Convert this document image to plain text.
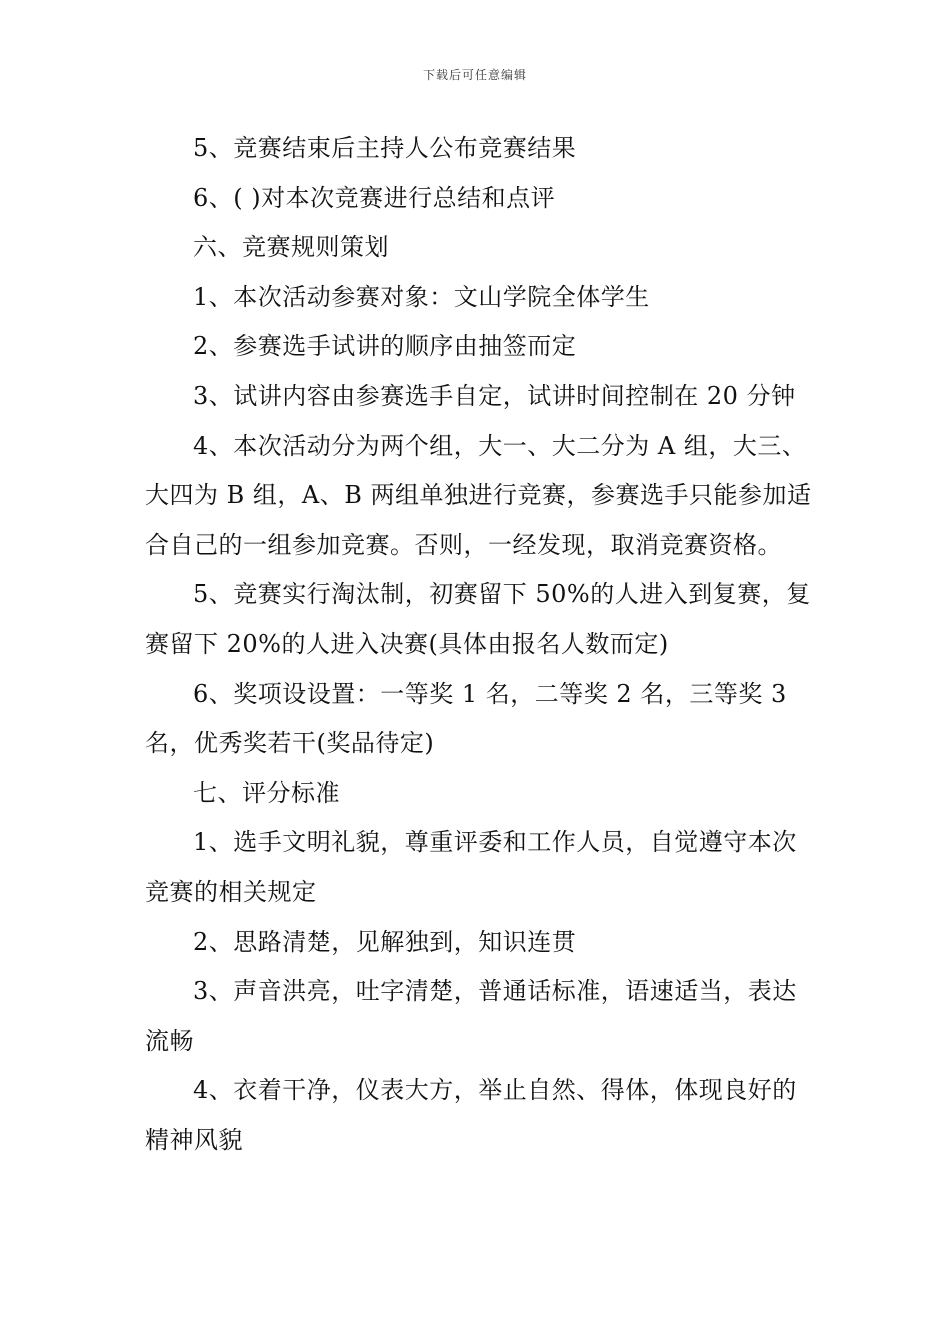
下载后可任意编辑

5、竞赛结束后主持人公布竞赛结果

6、( )对本次竞赛进行总结和点评

六、竞赛规则策划

1、本次活动参赛对象：文山学院全体学生

2、参赛选手试讲的顺序由抽签而定

3、试讲内容由参赛选手自定，试讲时间控制在 20 分钟

4、本次活动分为两个组，大一、大二分为 A 组，大三、大四为 B 组，A、B 两组单独进行竞赛，参赛选手只能参加适合自己的一组参加竞赛。否则，一经发现，取消竞赛资格。

5、竞赛实行淘汰制，初赛留下 50%的人进入到复赛，复赛留下 20%的人进入决赛(具体由报名人数而定)

6、奖项设设置：一等奖 1 名，二等奖 2 名，三等奖 3 名，优秀奖若干(奖品待定)

七、评分标准

1、选手文明礼貌，尊重评委和工作人员，自觉遵守本次竞赛的相关规定

2、思路清楚，见解独到，知识连贯

3、声音洪亮，吐字清楚，普通话标准，语速适当，表达流畅

4、衣着干净，仪表大方，举止自然、得体，体现良好的精神风貌
